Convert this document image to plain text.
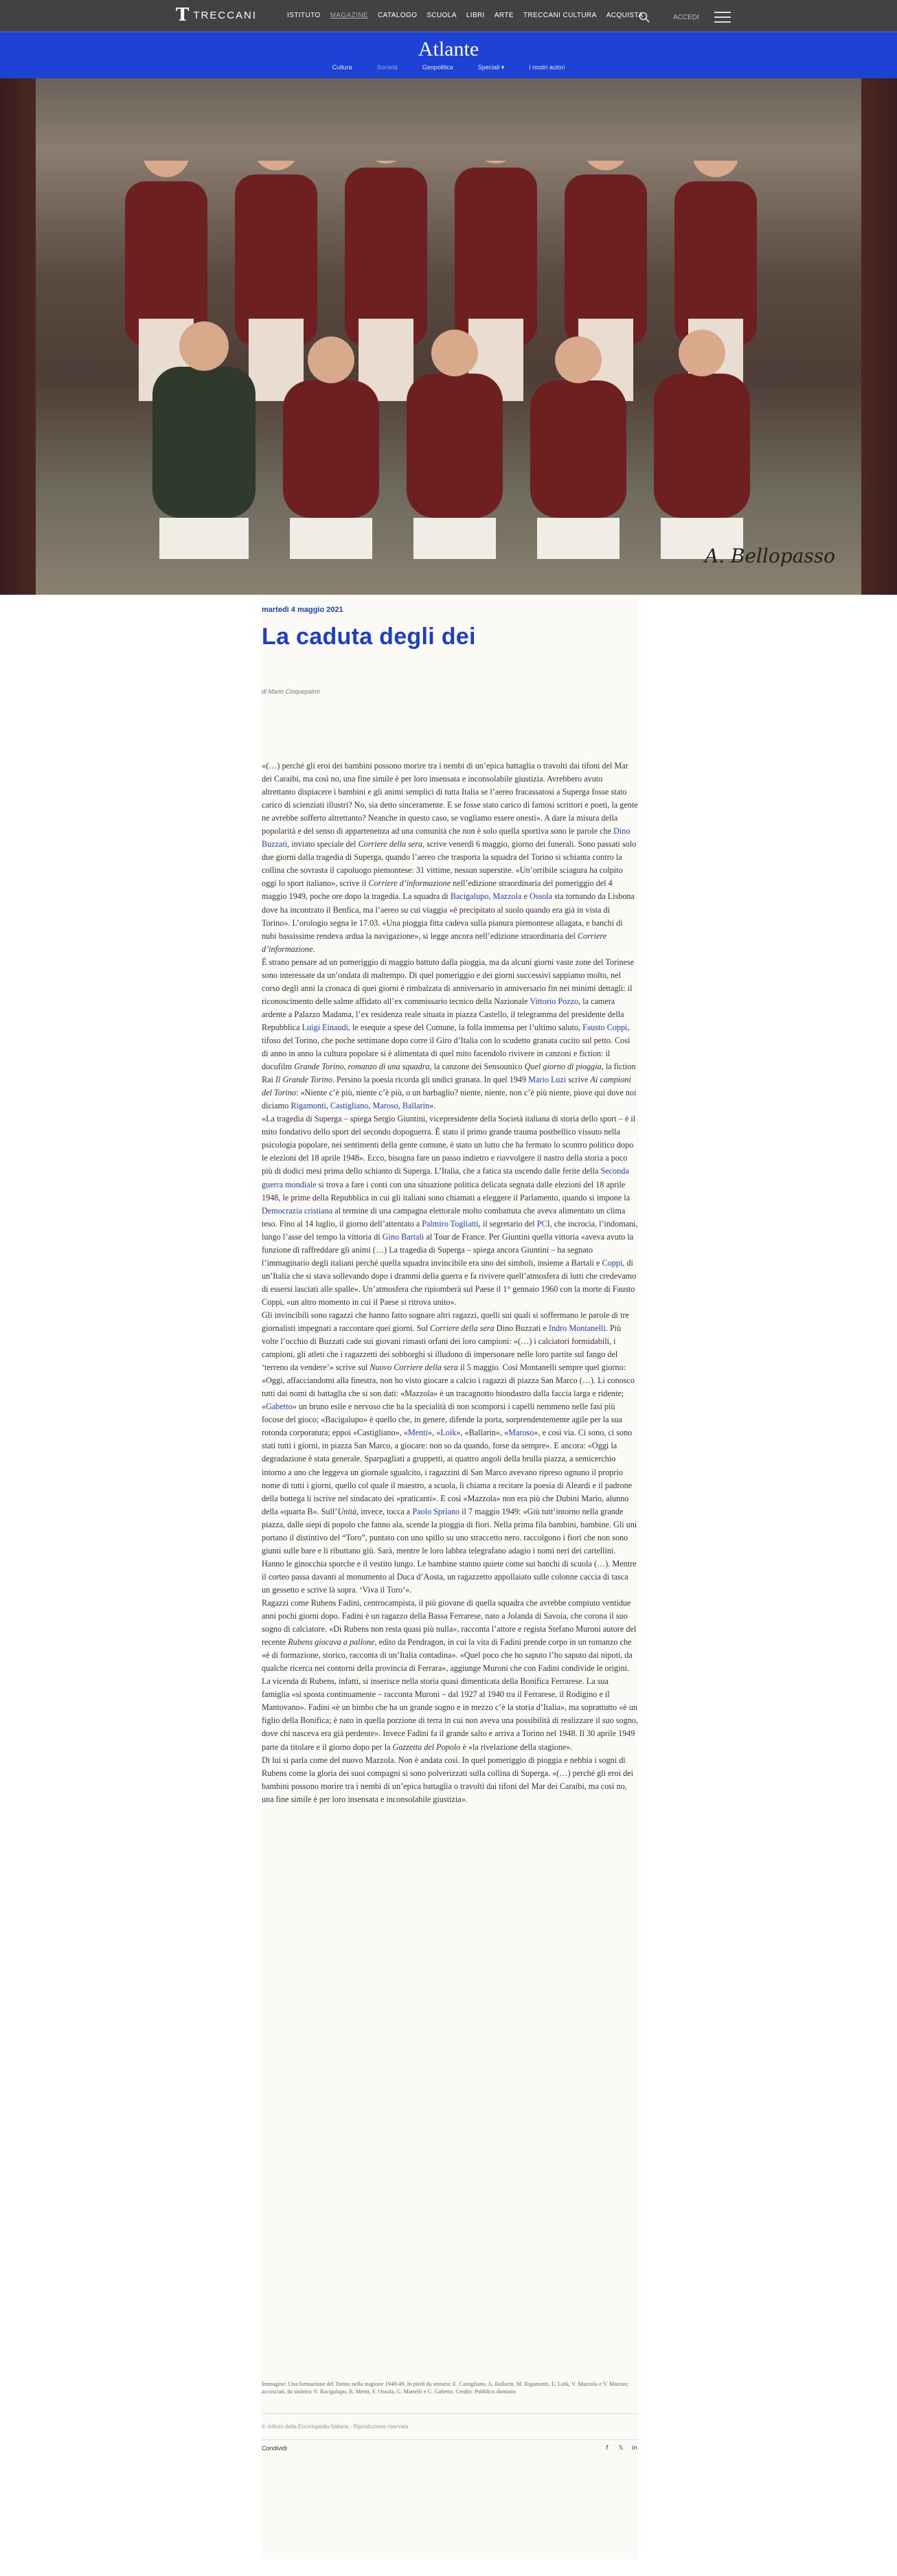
T TRECCANI	ISTITUTO MAGAZINE CATALOGO SCUOLA LIBRI ARTE TRECCANI CULTURA ACQUISTA	ACCEDI
Atlante
Cultura	Società	Geopolitica	Speciali ▾	I nostri autori
A. Bellopasso
martedì 4 maggio 2021
La caduta degli dei
di Mario Cinquepalmi

«(…) perché gli eroi dei bambini possono morire tra i nembi di un’epica battaglia o travolti dai tifoni del Mar dei Caraibi, ma così no, una fine simile è per loro insensata e inconsolabile giustizia. Avrebbero avuto altrettanto dispiacere i bambini e gli animi semplici di tutta Italia se l’aereo fracassatosi a Superga fosse stato carico di scienziati illustri? No, sia detto sinceramente. E se fosse stato carico di famosi scrittori e poeti, la gente ne avrebbe sofferto altrettanto? Neanche in questo caso, se vogliamo essere onesti». A dare la misura della popolarità e del senso di appartenenza ad una comunità che non è solo quella sportiva sono le parole che Dino Buzzati, inviato speciale del Corriere della sera, scrive venerdì 6 maggio, giorno dei funerali. Sono passati solo due giorni dalla tragedia di Superga, quando l’aereo che trasporta la squadra del Torino si schianta contro la collina che sovrasta il capoluogo piemontese: 31 vittime, nessun superstite. «Un’orribile sciagura ha colpito oggi lo sport italiano», scrive il Corriere d’informazione nell’edizione straordinaria del pomeriggio del 4 maggio 1949, poche ore dopo la tragedia. La squadra di Bacigalupo, Mazzola e Ossola sta tornando da Lisbona dove ha incontrato il Benfica, ma l’aereo su cui viaggia «è precipitato al suolo quando era già in vista di Torino». L’orologio segna le 17.03. «Una pioggia fitta cadeva sulla pianura piemontese allagata, e banchi di nubi bassissime rendeva ardua la navigazione», si legge ancora nell’edizione straordinaria del Corriere d’informazione.

È strano pensare ad un pomeriggio di maggio battuto dalla pioggia, ma da alcuni giorni vaste zone del Torinese sono interessate da un’ondata di maltempo. Di quel pomeriggio e dei giorni successivi sappiamo molto, nel corso degli anni la cronaca di quei giorni è rimbalzata di anniversario in anniversario fin nei minimi dettagli: il riconoscimento delle salme affidato all’ex commissario tecnico della Nazionale Vittorio Pozzo, la camera ardente a Palazzo Madama, l’ex residenza reale situata in piazza Castello, il telegramma del presidente della Repubblica Luigi Einaudi, le esequie a spese del Comune, la folla immensa per l’ultimo saluto, Fausto Coppi, tifoso del Torino, che poche settimane dopo corre il Giro d’Italia con lo scudetto granata cucito sul petto. Così di anno in anno la cultura popolare si è alimentata di quel mito facendolo rivivere in canzoni e fiction: il docufilm Grande Torino, romanzo di una squadra, la canzone dei Sensounico Quel giorno di pioggia, la fiction Rai Il Grande Torino. Persino la poesia ricorda gli undici granata. In quel 1949 Mario Luzi scrive Ai campioni del Torino: «Niente c’è più, niente c’è più, o un barbaglio? niente, niente, non c’è più niente, piove qui dove noi diciamo Rigamonti, Castigliano, Maroso, Ballarin».

«La tragedia di Superga – spiega Sergio Giuntini, vicepresidente della Società italiana di storia dello sport – è il mito fondativo dello sport del secondo dopoguerra. È stato il primo grande trauma postbellico vissuto nella psicologia popolare, nei sentimenti della gente comune, è stato un lutto che ha fermato lo scontro politico dopo le elezioni del 18 aprile 1948». Ecco, bisogna fare un passo indietro e riavvolgere il nastro della storia a poco più di dodici mesi prima dello schianto di Superga. L’Italia, che a fatica sta uscendo dalle ferite della Seconda guerra mondiale si trova a fare i conti con una situazione politica delicata segnata dalle elezioni del 18 aprile 1948, le prime della Repubblica in cui gli italiani sono chiamati a eleggere il Parlamento, quando si impone la Democrazia cristiana al termine di una campagna elettorale molto combattuta che aveva alimentato un clima teso. Fino al 14 luglio, il giorno dell’attentato a Palmiro Togliatti, il segretario del PCI, che incrocia, l’indomani, lungo l’asse del tempo la vittoria di Gino Bartali al Tour de France. Per Giuntini quella vittoria «aveva avuto la funzione di raffreddare gli animi (…) La tragedia di Superga – spiega ancora Giuntini – ha segnato l’immaginario degli italiani perché quella squadra invincibile era uno dei simboli, insieme a Bartali e Coppi, di un’Italia che si stava sollevando dopo i drammi della guerra e fa rivivere quell’atmosfera di lutti che credevamo di essersi lasciati alle spalle». Un’atmosfera che ripiomberà sul Paese il 1° gennaio 1960 con la morte di Fausto Coppi, «un altro momento in cui il Paese si ritrova unito».

Gli invincibili sono ragazzi che hanno fatto sognare altri ragazzi, quelli sui quali si soffermano le parole di tre giornalisti impegnati a raccontare quei giorni. Sul Corriere della sera Dino Buzzati e Indro Montanelli. Più volte l’occhio di Buzzati cade sui giovani rimasti orfani dei loro campioni: «(…) i calciatori formidabili, i campioni, gli atleti che i ragazzetti dei sobborghi si illudono di impersonare nelle loro partite sul fango del ‘terreno da vendere’» scrive sul Nuovo Corriere della sera il 5 maggio. Così Montanelli sempre quel giorno: «Oggi, affacciandomi alla finestra, non ho visto giocare a calcio i ragazzi di piazza San Marco (…). Li conosco tutti dai nomi di battaglia che si son dati: «Mazzola» è un tracagnotto biondastro dalla faccia larga e ridente; «Gabetto» un bruno esile e nervoso che ha la specialità di non scomporsi i capelli nemmeno nelle fasi più focose del gioco; «Bacigalupo» è quello che, in genere, difende la porta, sorprendentemente agile per la sua rotonda corporatura; eppoi «Castigliano», «Menti», «Loik», «Ballarin», «Maroso», e così via. Ci sono, ci sono stati tutti i giorni, in piazza San Marco, a giocare: non so da quando, forse da sempre». E ancora: «Oggi la degradazione è stata generale. Sparpagliati a gruppetti, ai quattro angoli della brulla piazza, a semicerchio intorno a uno che leggeva un giornale sgualcito, i ragazzini di San Marco avevano ripreso ognuno il proprio nome di tutti i giorni, quello col quale il maestro, a scuola, li chiama a recitare la poesia di Aleardi e il padrone della bottega li iscrive nel sindacato dei «praticanti». E così «Mazzola» non era più che Dubini Mario, alunno della «quarta B». Sull’Unità, invece, tocca a Paolo Spriano il 7 maggio 1949: «Giù tutt’intorno nella grande piazza, dalle siepi di popolo che fanno ala, scende la pioggia di fiori. Nella prima fila bambini, bambine. Gli uni portano il distintivo del “Toro”, puntato con uno spillo su uno straccetto nero. raccolgono i fiori che non sono giunti sulle bare e li ributtano giù. Sarà, mentre le loro labbra telegrafano adagio i nomi neri dei cartellini. Hanno le ginocchia sporche e il vestito lungo. Le bambine stanno quiete come sui banchi di scuola (…). Mentre il corteo passa davanti al monumento al Duca d’Aosta, un ragazzetto appollaiato sulle colonne caccia di tasca un gessetto e scrive là sopra. ‘Viva il Toro’».

Ragazzi come Rubens Fadini, centrocampista, il più giovane di quella squadra che avrebbe compiuto ventidue anni pochi giorni dopo. Fadini è un ragazzo della Bassa Ferrarese, nato a Jolanda di Savoia, che corona il suo sogno di calciatore. «Di Rubens non resta quasi più nulla», racconta l’attore e regista Stefano Muroni autore del recente Rubens giocava a pallone, edito da Pendragon, in cui la vita di Fadini prende corpo in un romanzo che «è di formazione, storico, racconta di un’Italia contadina». «Quel poco che ho saputo l’ho saputo dai nipoti, da qualche ricerca nei contorni della provincia di Ferrara», aggiunge Muroni che con Fadini condivide le origini. La vicenda di Rubens, infatti, si inserisce nella storia quasi dimenticata della Bonifica Ferrarese. La sua famiglia «si sposta continuamente – racconta Muroni – dal 1927 al 1940 tra il Ferrarese, il Rodigino e il Mantovano». Fadini «è un bimbo che ha un grande sogno e in mezzo c’è la storia d’Italia», ma soprattutto «è un figlio della Bonifica; è nato in quella porzione di terra in cui non aveva una possibilità di realizzare il suo sogno, dove chi nasceva era già perdente». Invece Fadini fa il grande salto e arriva a Torino nel 1948. Il 30 aprile 1949 parte da titolare e il giorno dopo per la Gazzetta del Popolo è «la rivelazione della stagione».

Di lui si parla come del nuovo Mazzola. Non è andata così. In quel pomeriggio di pioggia e nebbia i sogni di Rubens come la gloria dei suoi compagni si sono polverizzati sulla collina di Superga. «(…) perché gli eroi dei bambini possono morire tra i nembi di un’epica battaglia o travolti dai tifoni del Mar dei Caraibi, ma così no, una fine simile è per loro insensata e inconsolabile giustizia».

Immagine: Una formazione del Torino nella stagione 1948-49. In piedi da sinistra: E. Castigliano, A. Ballarin, M. Rigamonti, E. Loik, V. Mazzola e V. Maroso; accosciati, da sinistra: V. Bacigalupo, R. Menti, F. Ossola, G. Martelli e G. Gabetto. Crediti: Pubblico dominio
© Istituto della Enciclopedia Italiana - Riproduzione riservata
Condividi	f	𝕏 in
